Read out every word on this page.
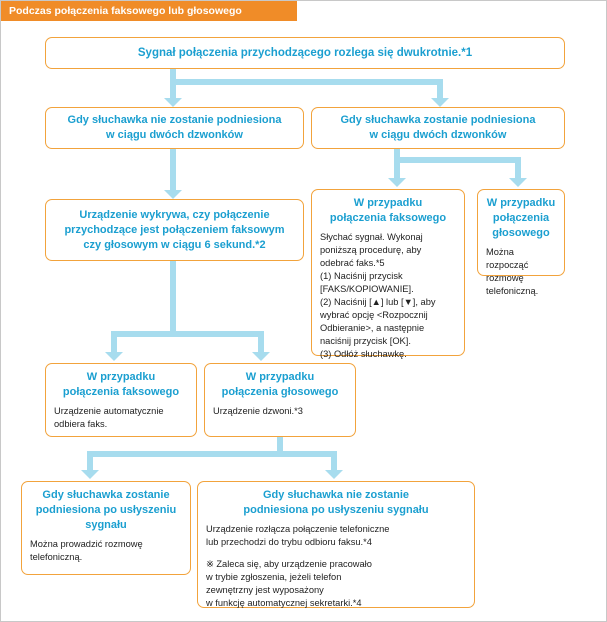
Podczas połączenia faksowego lub głosowego
Sygnał połączenia przychodzącego rozlega się dwukrotnie.*1
Gdy słuchawka nie zostanie podniesiona
w ciągu dwóch dzwonków
Gdy słuchawka zostanie podniesiona
w ciągu dwóch dzwonków
W przypadku
połączenia faksowego

Słychać sygnał. Wykonaj

poniższą procedurę, aby

odebrać faks.*5

(1) Naciśnij przycisk

[FAKS/KOPIOWANIE].

(2) Naciśnij [▲] lub [▼], aby

wybrać opcję <Rozpocznij

Odbieranie>, a następnie

naciśnij przycisk [OK].

(3) Odłóż słuchawkę.

W przypadku
połączenia
głosowego

Można rozpocząć

rozmowę

telefoniczną.

Urządzenie wykrywa, czy połączenie
przychodzące jest połączeniem faksowym
czy głosowym w ciągu 6 sekund.*2
W przypadku
połączenia faksowego

Urządzenie automatycznie

odbiera faks.

W przypadku
połączenia głosowego

Urządzenie dzwoni.*3

Gdy słuchawka zostanie
podniesiona po usłyszeniu
sygnału

Można prowadzić rozmowę

telefoniczną.

Gdy słuchawka nie zostanie
podniesiona po usłyszeniu sygnału

Urządzenie rozłącza połączenie telefoniczne

lub przechodzi do trybu odbioru faksu.*4

※ Zaleca się, aby urządzenie pracowało

w trybie zgłoszenia, jeżeli telefon

zewnętrzny jest wyposażony

w funkcję automatycznej sekretarki.*4
